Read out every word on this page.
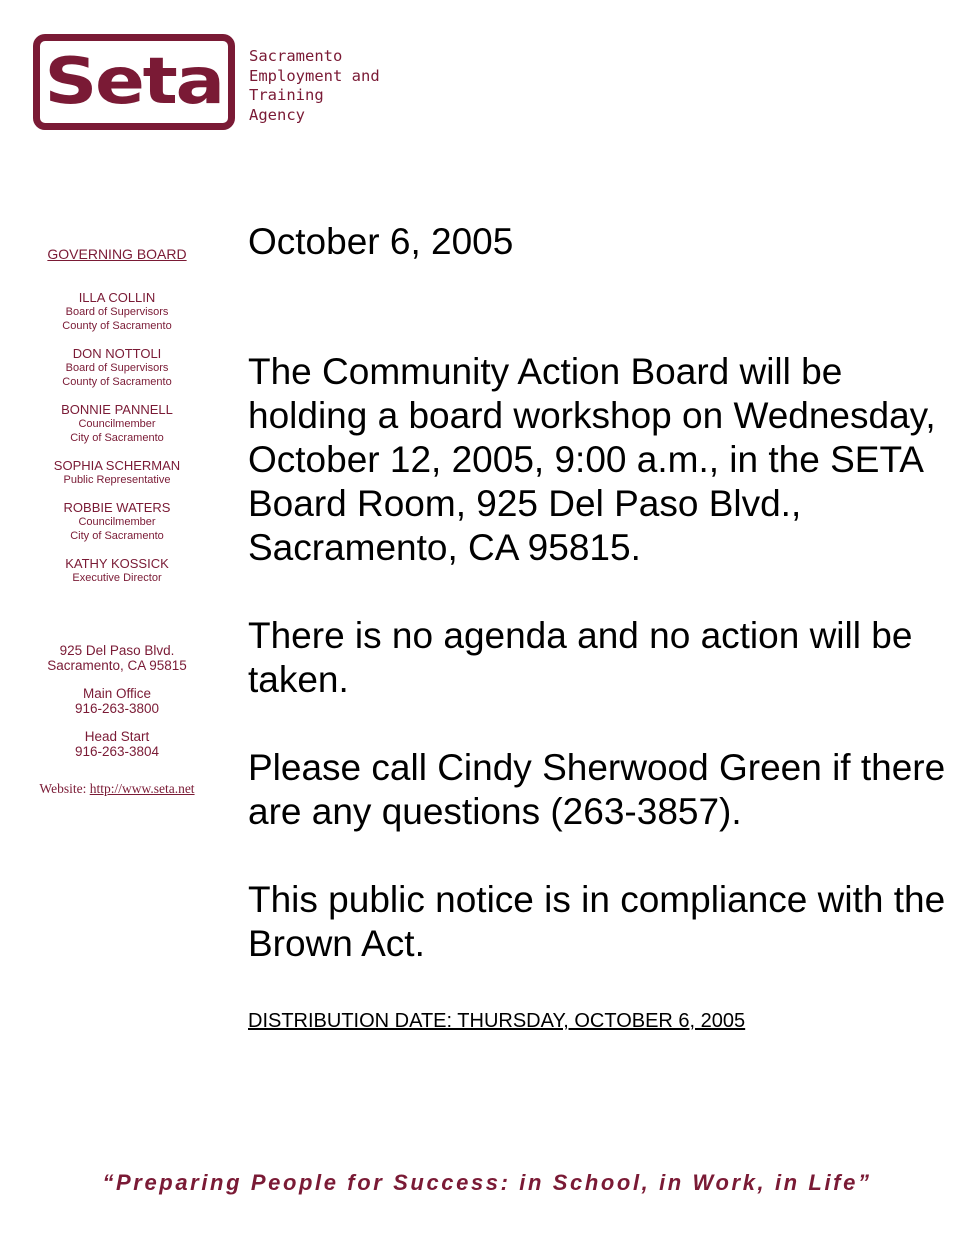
Seta Sacramento
Employment and
Training
Agency

GOVERNING BOARD
ILLA COLLIN
Board of Supervisors
County of Sacramento
DON NOTTOLI
Board of Supervisors
County of Sacramento
BONNIE PANNELL
Councilmember
City of Sacramento
SOPHIA SCHERMAN
Public Representative
ROBBIE WATERS
Councilmember
City of Sacramento
KATHY KOSSICK
Executive Director
925 Del Paso Blvd.
Sacramento, CA 95815
Main Office
916-263-3800
Head Start
916-263-3804
Website: http://www.seta.net

October 6, 2005

The Community Action Board will be holding a board workshop on Wednesday, October 12, 2005, 9:00 a.m., in the SETA Board Room, 925 Del Paso Blvd., Sacramento, CA 95815.

There is no agenda and no action will be taken.

Please call Cindy Sherwood Green if there are any questions (263-3857).

This public notice is in compliance with the Brown Act.

DISTRIBUTION DATE: THURSDAY, OCTOBER 6, 2005
“Preparing People for Success: in School, in Work, in Life”
